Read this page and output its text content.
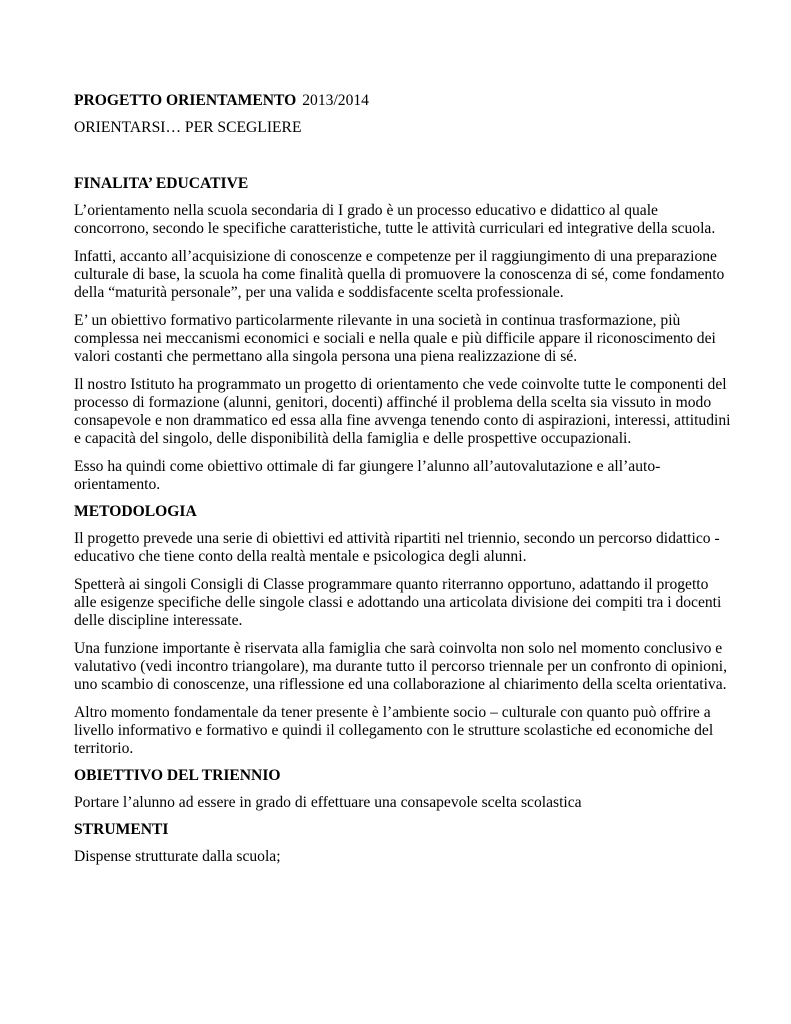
PROGETTO ORIENTAMENTO 2013/2014

ORIENTARSI… PER SCEGLIERE

FINALITA’ EDUCATIVE

L’orientamento nella scuola secondaria di I grado è un processo educativo e didattico al quale concorrono, secondo le specifiche caratteristiche, tutte le attività curriculari ed integrative della scuola.

Infatti, accanto all’acquisizione di conoscenze e competenze per il raggiungimento di una preparazione culturale di base, la scuola ha come finalità quella di promuovere la conoscenza di sé, come fondamento della “maturità personale”, per una valida e soddisfacente scelta professionale.

E’ un obiettivo formativo particolarmente rilevante in una società in continua trasformazione, più complessa nei meccanismi economici e sociali e nella quale e più difficile appare il riconoscimento dei valori costanti che permettano alla singola persona una piena realizzazione di sé.

Il nostro Istituto ha programmato un progetto di orientamento che vede coinvolte tutte le componenti del processo di formazione (alunni, genitori, docenti) affinché il problema della scelta sia vissuto in modo consapevole e non drammatico ed essa alla fine avvenga tenendo conto di aspirazioni, interessi, attitudini e capacità del singolo, delle disponibilità della famiglia e delle prospettive occupazionali.

Esso ha quindi come obiettivo ottimale di far giungere l’alunno all’autovalutazione e all’auto-orientamento.

METODOLOGIA

Il progetto prevede una serie di obiettivi ed attività ripartiti nel triennio, secondo un percorso didattico - educativo che tiene conto della realtà mentale e psicologica degli alunni.

Spetterà ai singoli Consigli di Classe programmare quanto riterranno opportuno, adattando il progetto alle esigenze specifiche delle singole classi e adottando una articolata divisione dei compiti tra i docenti delle discipline interessate.

Una funzione importante è riservata alla famiglia che sarà coinvolta non solo nel momento conclusivo e valutativo (vedi incontro triangolare), ma durante tutto il percorso triennale per un confronto di opinioni, uno scambio di conoscenze, una riflessione ed una collaborazione al chiarimento della scelta orientativa.

Altro momento fondamentale da tener presente è l’ambiente socio – culturale con quanto può offrire a livello informativo e formativo e quindi il collegamento con le strutture scolastiche ed economiche del territorio.

OBIETTIVO DEL TRIENNIO

Portare l’alunno ad essere in grado di effettuare una consapevole scelta scolastica

STRUMENTI

Dispense strutturate dalla scuola;
